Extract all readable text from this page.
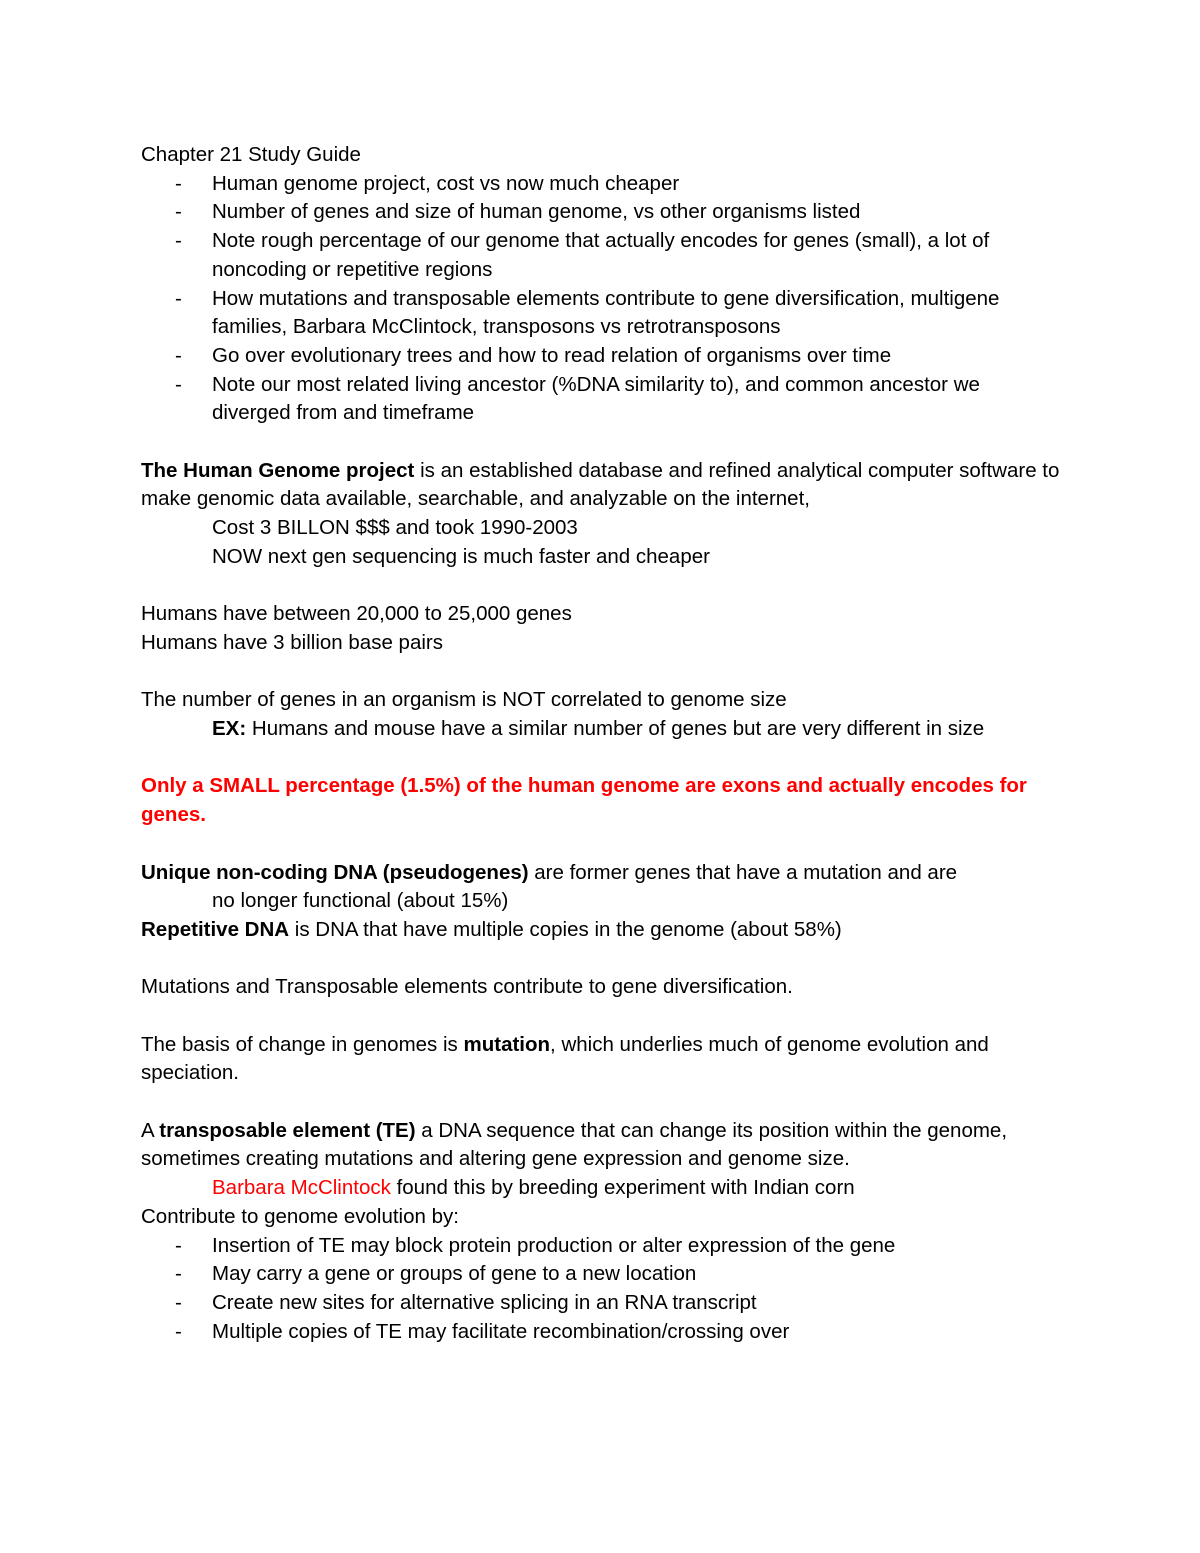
Chapter 21 Study Guide
- Human genome project, cost vs now much cheaper
- Number of genes and size of human genome, vs other organisms listed
- Note rough percentage of our genome that actually encodes for genes (small), a lot of noncoding or repetitive regions
- How mutations and transposable elements contribute to gene diversification, multigene families, Barbara McClintock, transposons vs retrotransposons
- Go over evolutionary trees and how to read relation of organisms over time
- Note our most related living ancestor (%DNA similarity to), and common ancestor we diverged from and timeframe
The Human Genome project is an established database and refined analytical computer software to make genomic data available, searchable, and analyzable on the internet,
Cost 3 BILLON $$$ and took 1990-2003
NOW next gen sequencing is much faster and cheaper
Humans have between 20,000 to 25,000 genes
Humans have 3 billion base pairs
The number of genes in an organism is NOT correlated to genome size
EX: Humans and mouse have a similar number of genes but are very different in size
Only a SMALL percentage (1.5%) of the human genome are exons and actually encodes for genes.
Unique non-coding DNA (pseudogenes) are former genes that have a mutation and are
no longer functional (about 15%)
Repetitive DNA is DNA that have multiple copies in the genome (about 58%)
Mutations and Transposable elements contribute to gene diversification.
The basis of change in genomes is mutation, which underlies much of genome evolution and speciation.
A transposable element (TE) a DNA sequence that can change its position within the genome, sometimes creating mutations and altering gene expression and genome size.
Barbara McClintock found this by breeding experiment with Indian corn
Contribute to genome evolution by:
- Insertion of TE may block protein production or alter expression of the gene
- May carry a gene or groups of gene to a new location
- Create new sites for alternative splicing in an RNA transcript
- Multiple copies of TE may facilitate recombination/crossing over
